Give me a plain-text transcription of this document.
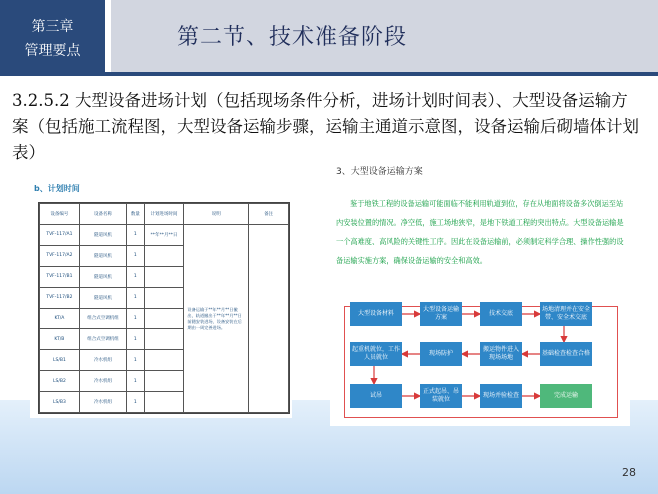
第三章
管理要点
第二节、技术准备阶段
3.2.5.2 大型设备进场计划（包括现场条件分析，进场计划时间表）、大型设备运输方案（包括施工流程图，大型设备运输步骤，运输主通道示意图，设备运输后砌墙体计划表）
b、计划时间
设备编号	设备名称	数量	计划进场时间	说明	备注
TVF-117/A1	隧道风机	1	**年**月**日	设备运输于**年**月**日撤出，轨道撤出于**年**月**日前随安装进场，设备安装在后期由一周完善进场。	
TVF-117/A2	隧道风机	1			
TVF-117/B1	隧道风机	1			
TVF-117/B2	隧道风机	1			
KT/A	组合式空调机组	1			
KT/B	组合式空调机组	1			
LS/B1	冷水机组	1			
LS/B2	冷水机组	1			
LS/B3	冷水机组	1			
3、大型设备运输方案
鉴于地铁工程的设备运输可能面临不能利用轨道到位，存在从地面将设备多次倒运至站内安装位置的情况。净空低，施工场地狭窄，是地下铁道工程的突出特点。大型设备运输是一个高难度、高风险的关键性工序。因此在设备运输前，必须制定科学合理、操作性强的设备运输实施方案，确保设备运输的安全和高效。
大型设备材料
大型设备运输方案
技术交底
场地清理并在安全带、安全术交底
起重机就位，工作人员就位
现场防护
搬运物件进入现场场地
基础检查检查合格
试吊
正式起吊、吊装就位
现场并验检查	完成运输
28
